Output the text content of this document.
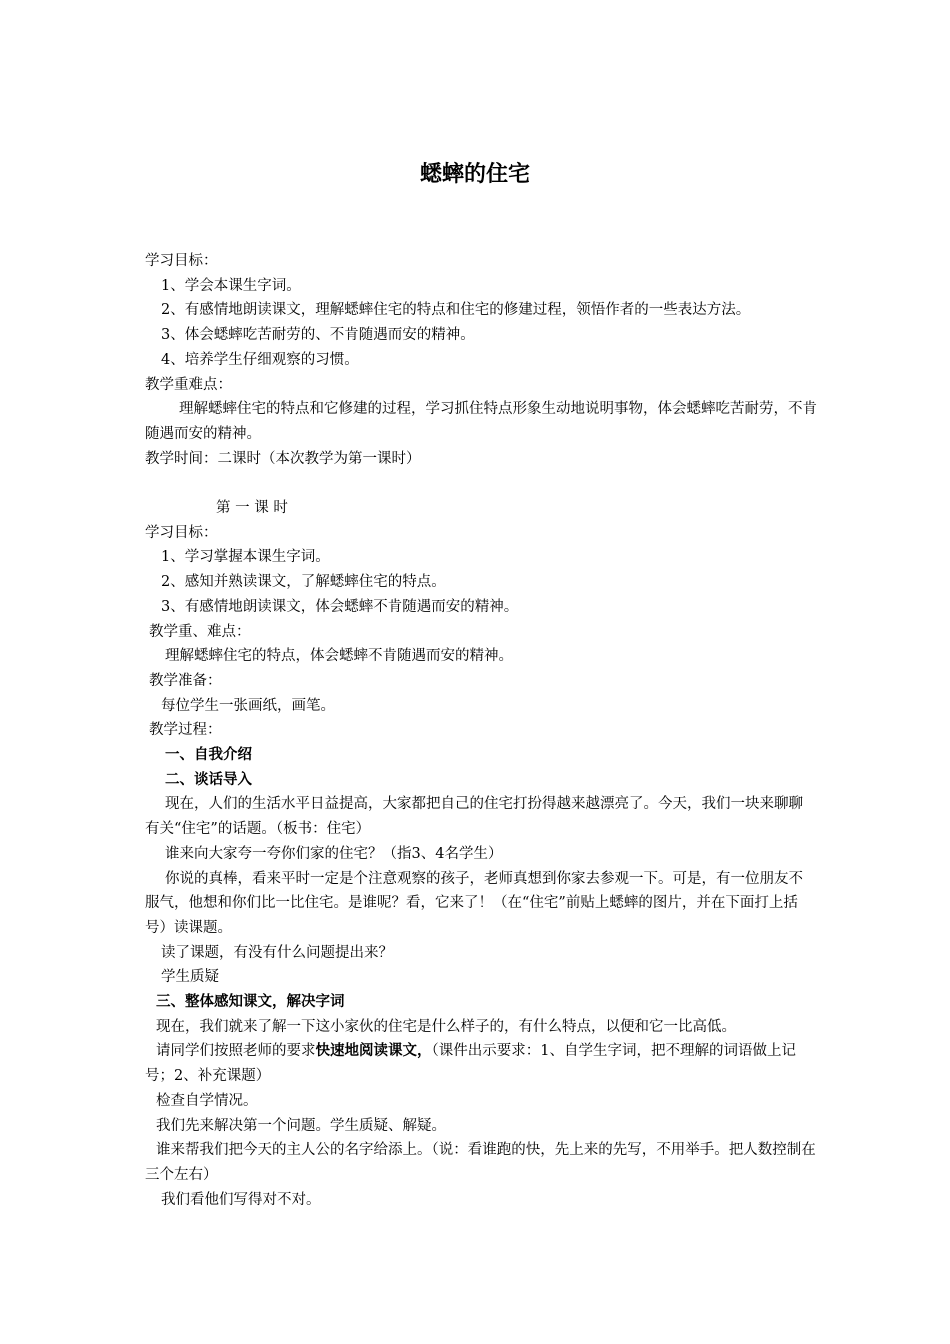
蟋蟀的住宅

学习目标：

1、学会本课生字词。

2、有感情地朗读课文，理解蟋蟀住宅的特点和住宅的修建过程，领悟作者的一些表达方法。

3、体会蟋蟀吃苦耐劳的、不肯随遇而安的精神。

4、培养学生仔细观察的习惯。

教学重难点：

理解蟋蟀住宅的特点和它修建的过程，学习抓住特点形象生动地说明事物，体会蟋蟀吃苦耐劳，不肯随遇而安的精神。

教学时间：二课时（本次教学为第一课时）

第 一 课 时

学习目标：

1、学习掌握本课生字词。

2、感知并熟读课文，了解蟋蟀住宅的特点。

3、有感情地朗读课文，体会蟋蟀不肯随遇而安的精神。

教学重、难点：

理解蟋蟀住宅的特点，体会蟋蟀不肯随遇而安的精神。

教学准备：

每位学生一张画纸，画笔。

教学过程：

一、自我介绍

二、谈话导入

现在，人们的生活水平日益提高，大家都把自己的住宅打扮得越来越漂亮了。今天，我们一块来聊聊有关“住宅”的话题。（板书：住宅）

谁来向大家夸一夸你们家的住宅？（指3、4名学生）

你说的真棒，看来平时一定是个注意观察的孩子，老师真想到你家去参观一下。可是，有一位朋友不服气，他想和你们比一比住宅。是谁呢？看，它来了！（在“住宅”前贴上蟋蟀的图片，并在下面打上括号）读课题。

读了课题，有没有什么问题提出来？

学生质疑

三、整体感知课文，解决字词

现在，我们就来了解一下这小家伙的住宅是什么样子的，有什么特点，以便和它一比高低。

请同学们按照老师的要求快速地阅读课文，（课件出示要求：1、自学生字词，把不理解的词语做上记号；2、补充课题）

检查自学情况。

我们先来解决第一个问题。学生质疑、解疑。

谁来帮我们把今天的主人公的名字给添上。（说：看谁跑的快，先上来的先写，不用举手。把人数控制在三个左右）

我们看他们写得对不对。
